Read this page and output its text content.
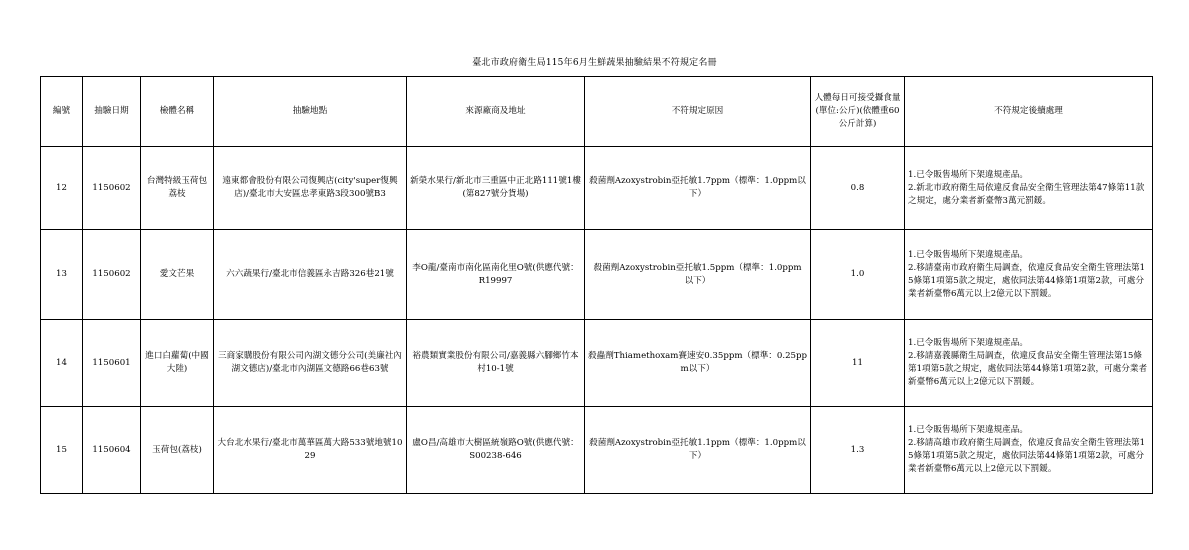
臺北市政府衛生局115年6月生鮮蔬果抽驗結果不符規定名冊
編號	抽驗日期	檢體名稱	抽驗地點	來源廠商及地址	不符規定原因	人體每日可接受攝食量(單位:公斤)(依體重60公斤計算)	不符規定後續處理
12	1150602	台灣特級玉荷包荔枝	遠東都會股份有限公司復興店(city'super復興店)/臺北市大安區忠孝東路3段300號B3	新榮水果行/新北市三重區中正北路111號1樓(第827號分貨場)	殺菌劑Azoxystrobin亞托敏1.7ppm（標準：1.0ppm以下）	0.8	1.已令販售場所下架違規產品。
2.新北市政府衛生局依違反食品安全衛生管理法第47條第11款之規定，處分業者新臺幣3萬元罰鍰。

13	1150602	愛文芒果	六六蔬果行/臺北市信義區永吉路326巷21號	李O龍/臺南市南化區南化里O號(供應代號：R19997	殺菌劑Azoxystrobin亞托敏1.5ppm（標準：1.0ppm 以下）	1.0	1.已令販售場所下架違規產品。
2.移請臺南市政府衛生局調查，依違反食品安全衛生管理法第15條第1項第5款之規定，處依同法第44條第1項第2款，可處分業者新臺幣6萬元以上2億元以下罰鍰。

14	1150601	進口白蘿蔔(中國大陸)	三商家購股份有限公司內湖文德分公司(美廉社內湖文德店)/臺北市內湖區文德路66巷63號	裕農類實業股份有限公司/嘉義縣六腳鄉竹本村10-1號	殺蟲劑Thiamethoxam賽速安0.35ppm（標準：0.25ppm以下）	11	1.已令販售場所下架違規產品。
2.移請嘉義縣衛生局調查，依違反食品安全衛生管理法第15條第1項第5款之規定，處依同法第44條第1項第2款，可處分業者新臺幣6萬元以上2億元以下罰鍰。

15	1150604	玉荷包(荔枝)	大台北水果行/臺北市萬華區萬大路533號地號1029	盧O昌/高雄市大樹區統嶺路O號(供應代號：S00238-646	殺菌劑Azoxystrobin亞托敏1.1ppm（標準：1.0ppm以下）	1.3	1.已令販售場所下架違規產品。
2.移請高雄市政府衛生局調查，依違反食品安全衛生管理法第15條第1項第5款之規定，處依同法第44條第1項第2款，可處分業者新臺幣6萬元以上2億元以下罰鍰。
